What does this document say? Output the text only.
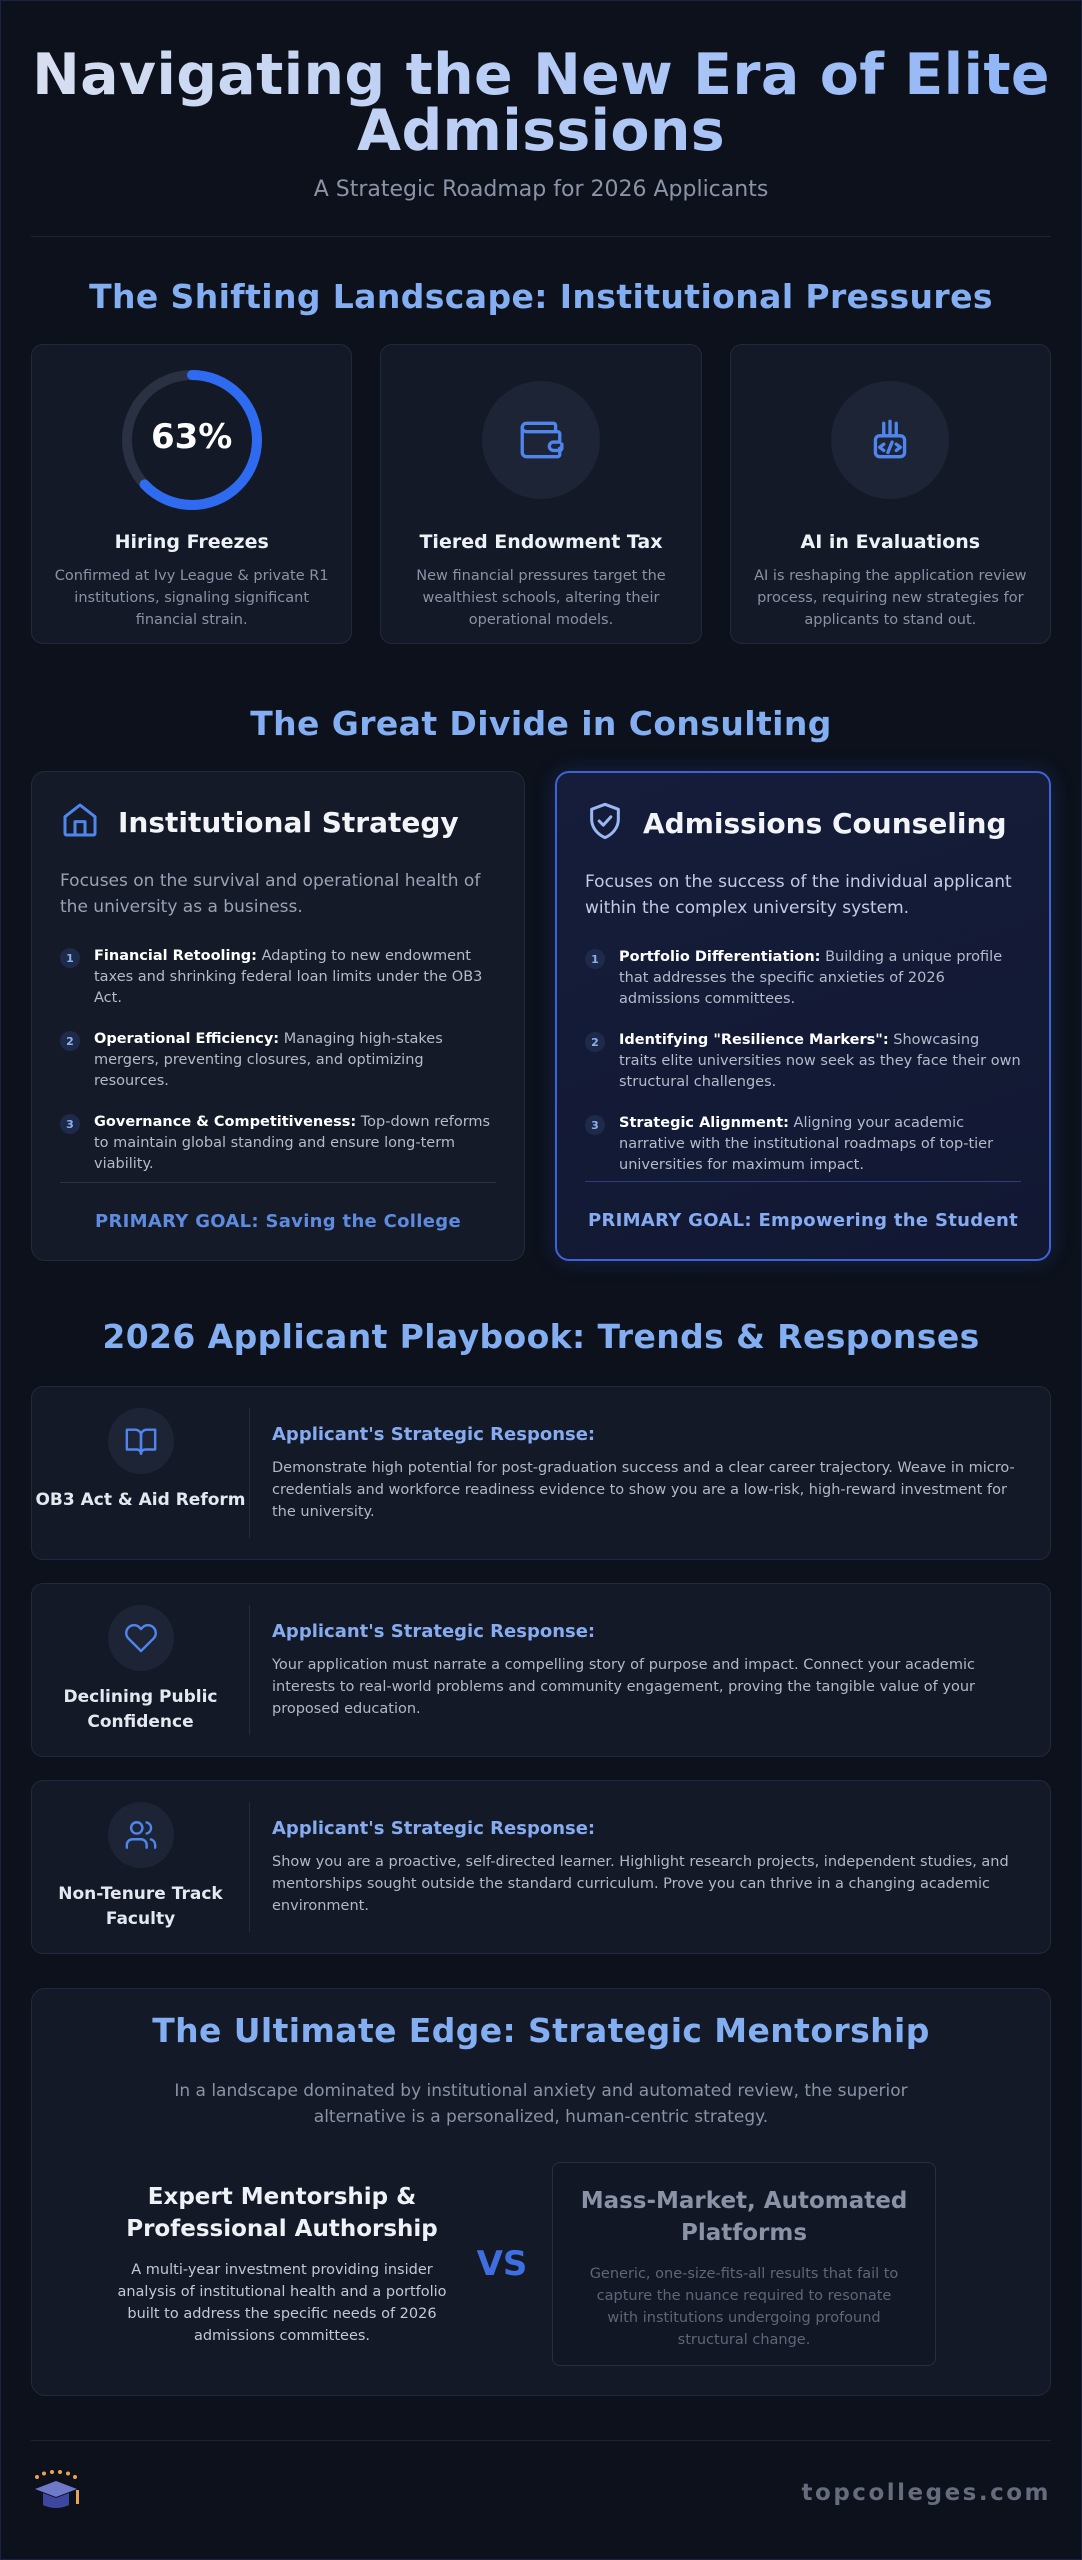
Navigating the New Era of Elite Admissions
A Strategic Roadmap for 2026 Applicants
The Shifting Landscape: Institutional Pressures
63%
Hiring Freezes

Confirmed at Ivy League & private R1 institutions, signaling significant financial strain.

Tiered Endowment Tax

New financial pressures target the wealthiest schools, altering their operational models.

AI in Evaluations

AI is reshaping the application review process, requiring new strategies for applicants to stand out.

The Great Divide in Consulting
Institutional Strategy

Focuses on the survival and operational health of the university as a business.

1	Financial Retooling: Adapting to new endowment taxes and shrinking federal loan limits under the OB3 Act.
2	Operational Efficiency: Managing high-stakes mergers, preventing closures, and optimizing resources.
3	Governance & Competitiveness: Top-down reforms to maintain global standing and ensure long-term viability.
PRIMARY GOAL: Saving the College
Admissions Counseling

Focuses on the success of the individual applicant within the complex university system.

1	Portfolio Differentiation: Building a unique profile that addresses the specific anxieties of 2026 admissions committees.
2	Identifying "Resilience Markers": Showcasing traits elite universities now seek as they face their own structural challenges.
3	Strategic Alignment: Aligning your academic narrative with the institutional roadmaps of top-tier universities for maximum impact.
PRIMARY GOAL: Empowering the Student
2026 Applicant Playbook: Trends & Responses
OB3 Act & Aid Reform
Applicant's Strategic Response:

Demonstrate high potential for post-graduation success and a clear career trajectory. Weave in micro-credentials and workforce readiness evidence to show you are a low-risk, high-reward investment for the university.

Declining Public Confidence
Applicant's Strategic Response:

Your application must narrate a compelling story of purpose and impact. Connect your academic interests to real-world problems and community engagement, proving the tangible value of your proposed education.

Non-Tenure Track Faculty
Applicant's Strategic Response:

Show you are a proactive, self-directed learner. Highlight research projects, independent studies, and mentorships sought outside the standard curriculum. Prove you can thrive in a changing academic environment.

The Ultimate Edge: Strategic Mentorship

In a landscape dominated by institutional anxiety and automated review, the superior alternative is a personalized, human-centric strategy.

Expert Mentorship & Professional Authorship

A multi-year investment providing insider analysis of institutional health and a portfolio built to address the specific needs of 2026 admissions committees.

VS
Mass-Market, Automated Platforms

Generic, one-size-fits-all results that fail to capture the nuance required to resonate with institutions undergoing profound structural change.

topcolleges.com
